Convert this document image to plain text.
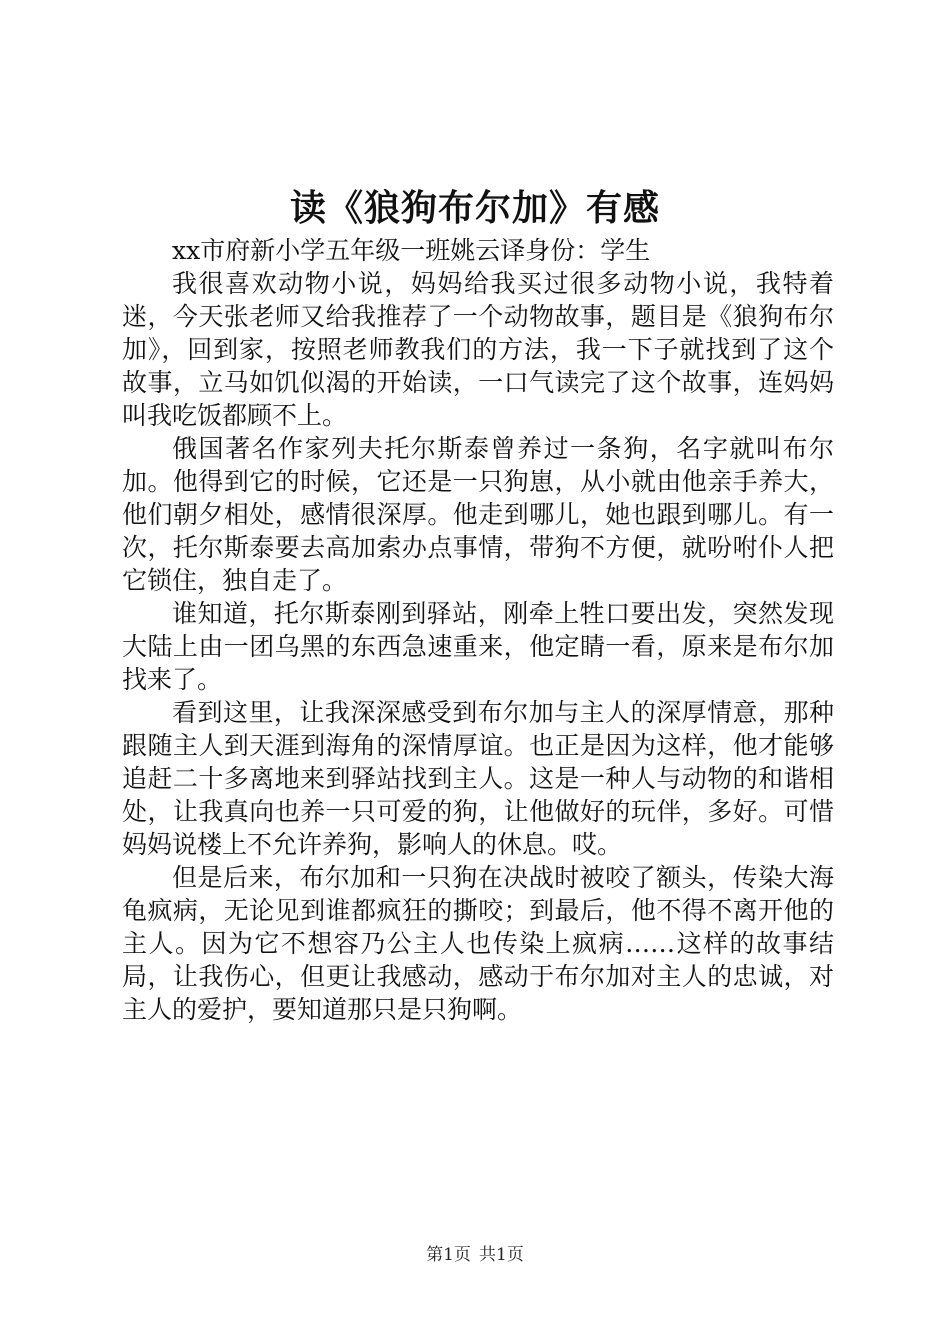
读《狼狗布尔加》有感

xx市府新小学五年级一班姚云译身份：学生

我很喜欢动物小说，妈妈给我买过很多动物小说，我特着迷，今天张老师又给我推荐了一个动物故事，题目是《狼狗布尔加》，回到家，按照老师教我们的方法，我一下子就找到了这个故事，立马如饥似渴的开始读，一口气读完了这个故事，连妈妈叫我吃饭都顾不上。

俄国著名作家列夫托尔斯泰曾养过一条狗，名字就叫布尔加。他得到它的时候，它还是一只狗崽，从小就由他亲手养大，他们朝夕相处，感情很深厚。他走到哪儿，她也跟到哪儿。有一次，托尔斯泰要去高加索办点事情，带狗不方便，就吩咐仆人把它锁住，独自走了。

谁知道，托尔斯泰刚到驿站，刚牵上牲口要出发，突然发现大陆上由一团乌黑的东西急速重来，他定睛一看，原来是布尔加找来了。

看到这里，让我深深感受到布尔加与主人的深厚情意，那种跟随主人到天涯到海角的深情厚谊。也正是因为这样，他才能够追赶二十多离地来到驿站找到主人。这是一种人与动物的和谐相处，让我真向也养一只可爱的狗，让他做好的玩伴，多好。可惜妈妈说楼上不允许养狗，影响人的休息。哎。

但是后来，布尔加和一只狗在决战时被咬了额头，传染大海龟疯病，无论见到谁都疯狂的撕咬；到最后，他不得不离开他的主人。因为它不想容乃公主人也传染上疯病……这样的故事结局，让我伤心，但更让我感动，感动于布尔加对主人的忠诚，对主人的爱护，要知道那只是只狗啊。

第1页 共1页
